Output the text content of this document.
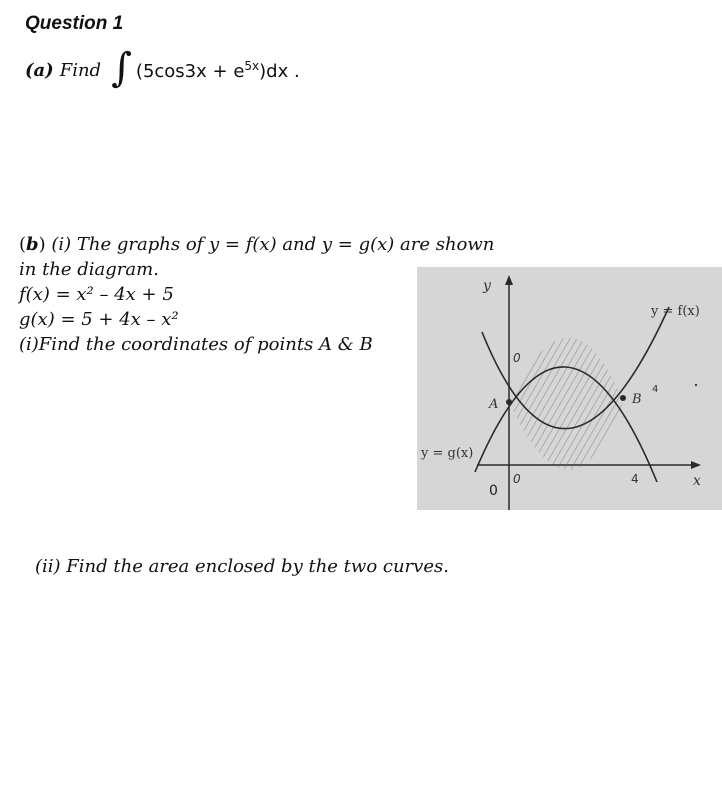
Question 1
(a) Find ∫ $(5\cos 3x + e^{5x})dx$ .
(b) (i) The graphs of y = f(x) and y = g(x) are shown
in the diagram.
f(x) = x² – 4x + 5
g(x) = 5 + 4x – x²
(i)Find the coordinates of points A & B
y
x
y = f(x)
y = g(x)
A	B
0
0
0
4
4
(ii) Find the area enclosed by the two curves.
